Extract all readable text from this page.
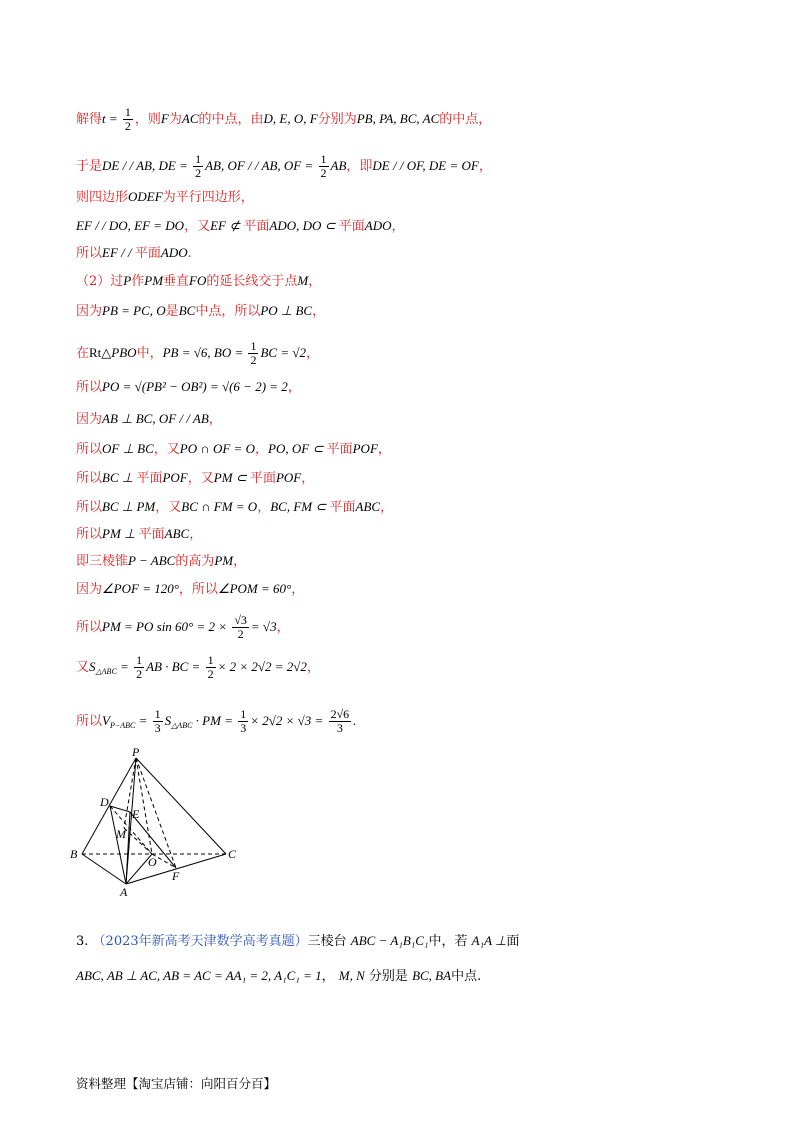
解得$t = \frac{1}{2}$ ，则F为AC的中点，由D, E, O, F分别为PB, PA, BC, AC的中点，
于是DE / / AB, DE = $\frac{1}{2}$ AB, OF / / AB, OF = $\frac{1}{2}$ AB，即DE / / OF, DE = OF，
则四边形ODEF为平行四边形，
EF / / DO, EF = DO，又EF ⊄ 平面ADO, DO ⊂ 平面ADO，
所以EF / / 平面ADO.
（2）过P作PM垂直FO的延长线交于点M，
因为PB = PC, O是BC中点，所以PO ⊥ BC，
在Rt△PBO中，PB = √6, BO = $\frac{1}{2}$ BC = √2，
所以PO = √(PB² − OB²) = √(6 − 2) = 2，
因为AB ⊥ BC, OF / / AB，
所以OF ⊥ BC，又PO ∩ OF = O，PO, OF ⊂ 平面POF，
所以BC ⊥ 平面POF，又PM ⊂ 平面POF，
所以BC ⊥ PM，又BC ∩ FM = O，BC, FM ⊂ 平面ABC，
所以PM ⊥ 平面ABC，
即三棱锥P − ABC的高为PM，
因为∠POF = 120°，所以∠POM = 60°，
所以PM = PO $\sin 60^\circ = 2 \times \frac{√3}{2} = √3$，
又$S_{\triangle ABC} = \frac{1}{2}$ AB · BC = $\frac{1}{2} \times 2 \times 2√2 = 2√2$，
所以$V_{P-ABC} = \frac{1}{3} S_{\triangle ABC}$ · PM = $\frac{1}{3} \times 2√2 \times √3 = \frac{2√6}{3}$ .
P
D
E
M
B
O
C
F
A
3. （2023年新高考天津数学高考真题）三棱台 ABC − A₁B₁C₁中，若 A₁A ⊥面
ABC, AB ⊥ AC, AB = AC = AA₁ = 2, A₁C₁ = 1， M, N 分别是 BC, BA中点.
资料整理【淘宝店铺：向阳百分百】
